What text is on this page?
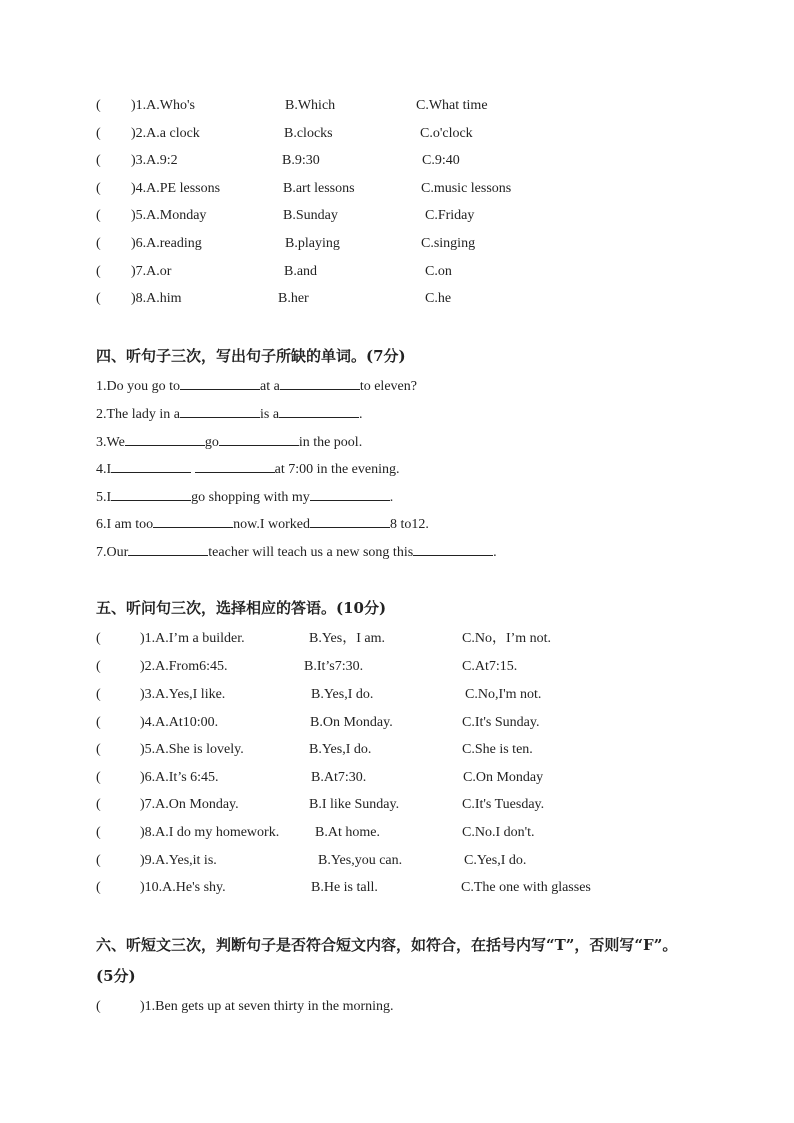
( )1.A.Who's	B.Which	C.What time
( )2.A.a clock	B.clocks	C.o'clock
( )3.A.9:2	B.9:30	C.9:40
( )4.A.PE lessons	B.art lessons	C.music lessons
( )5.A.Monday	B.Sunday	C.Friday
( )6.A.reading	B.playing	C.singing
( )7.A.or	B.and	C.on
( )8.A.him	B.her	C.he
四、听句子三次，写出句子所缺的单词。(7分)
1.Do you go to	at a	to eleven?
2.The lady in a	is a	.
3.We	go	in the pool.
4.I	at 7:00 in the evening.
5.I	go shopping with my	.
6.I am too	now.I worked	8 to12.
7.Our	teacher will teach us a new song this	.
五、听问句三次，选择相应的答语。(10分)
(	)1.A.I’m a builder.	B.Yes，I am.	C.No，I’m not.
(	)2.A.From6:45.	B.It’s7:30.	C.At7:15.
(	)3.A.Yes,I like.	B.Yes,I do.	C.No,I'm not.
(	)4.A.At10:00.	B.On Monday.	C.It's Sunday.
(	)5.A.She is lovely.	B.Yes,I do.	C.She is ten.
(	)6.A.It’s 6:45.	B.At7:30.	C.On Monday
(	)7.A.On Monday.	B.I like Sunday.	C.It's Tuesday.
(	)8.A.I do my homework.	B.At home.	C.No.I don't.
(	)9.A.Yes,it is.	B.Yes,you can.	C.Yes,I do.
(	)10.A.He's shy.	B.He is tall.	C.The one with glasses
六、听短文三次，判断句子是否符合短文内容，如符合，在括号内写“T”，否则写“F”。
(5分)
(	)1.Ben gets up at seven thirty in the morning.
